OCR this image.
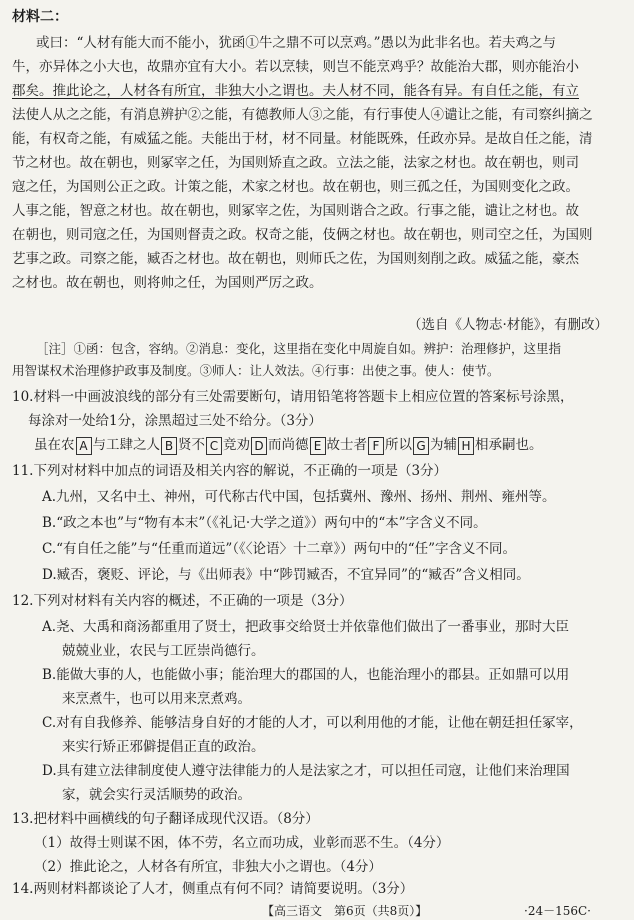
材料二：
或曰：“人材有能大而不能小，犹函①牛之鼎不可以烹鸡。”愚以为此非名也。若夫鸡之与
牛，亦异体之小大也，故鼎亦宜有大小。若以烹犊，则岂不能烹鸡乎？故能治大郡，则亦能治小
郡矣。推此论之，人材各有所宜，非独大小之谓也。夫人材不同，能各有异。有自任之能，有立
法使人从之之能，有消息辨护②之能，有德教师人③之能，有行事使人④谴让之能，有司察纠摘之
能，有权奇之能，有威猛之能。夫能出于材，材不同量。材能既殊，任政亦异。是故自任之能，清
节之材也。故在朝也，则冢宰之任，为国则矫直之政。立法之能，法家之材也。故在朝也，则司
寇之任，为国则公正之政。计策之能，术家之材也。故在朝也，则三孤之任，为国则变化之政。
人事之能，智意之材也。故在朝也，则冢宰之佐，为国则谐合之政。行事之能，谴让之材也。故
在朝也，则司寇之任，为国则督责之政。权奇之能，伎俩之材也。故在朝也，则司空之任，为国则
艺事之政。司察之能，臧否之材也。故在朝也，则师氏之佐，为国则刻削之政。威猛之能，豪杰
之材也。故在朝也，则将帅之任，为国则严厉之政。
（选自《人物志·材能》，有删改）
［注］①函：包含，容纳。②消息：变化，这里指在变化中周旋自如。辨护：治理修护，这里指
用智谋权术治理修护政事及制度。③师人：让人效法。④行事：出使之事。使人：使节。
10.材料一中画波浪线的部分有三处需要断句，请用铅笔将答题卡上相应位置的答案标号涂黑，
每涂对一处给1分，涂黑超过三处不给分。（3分）
虽在农 A 与工肆之人 B 贤不 C 竞劝 D 而尚德 E 故士者 F 所以 G 为辅 H 相承嗣也。
11.下列对材料中加点的词语及相关内容的解说，不正确的一项是（3分）
A.九州，又名中土、神州，可代称古代中国，包括冀州、豫州、扬州、荆州、雍州等。
B.“政之本也”与“物有本末”（《礼记·大学之道》）两句中的“本”字含义不同。
C.“有自任之能”与“任重而道远”（《〈论语〉十二章》）两句中的“任”字含义不同。
D.臧否，褒贬、评论，与《出师表》中“陟罚臧否，不宜异同”的“臧否”含义相同。
12.下列对材料有关内容的概述，不正确的一项是（3分）
A.尧、大禹和商汤都重用了贤士，把政事交给贤士并依靠他们做出了一番事业，那时大臣
兢兢业业，农民与工匠崇尚德行。
B.能做大事的人，也能做小事；能治理大的郡国的人，也能治理小的郡县。正如鼎可以用
来烹煮牛，也可以用来烹煮鸡。
C.对有自我修养、能够洁身自好的才能的人才，可以利用他的才能，让他在朝廷担任冢宰，
来实行矫正邪僻提倡正直的政治。
D.具有建立法律制度使人遵守法律能力的人是法家之才，可以担任司寇，让他们来治理国
家，就会实行灵活顺势的政治。
13.把材料中画横线的句子翻译成现代汉语。（8分）
（1）故得士则谋不困，体不劳，名立而功成，业彰而恶不生。（4分）
（2）推此论之，人材各有所宜，非独大小之谓也。（4分）
14.两则材料都谈论了人才，侧重点有何不同？请简要说明。（3分）
【高三语文　第6页（共8页）】	·24－156C·
